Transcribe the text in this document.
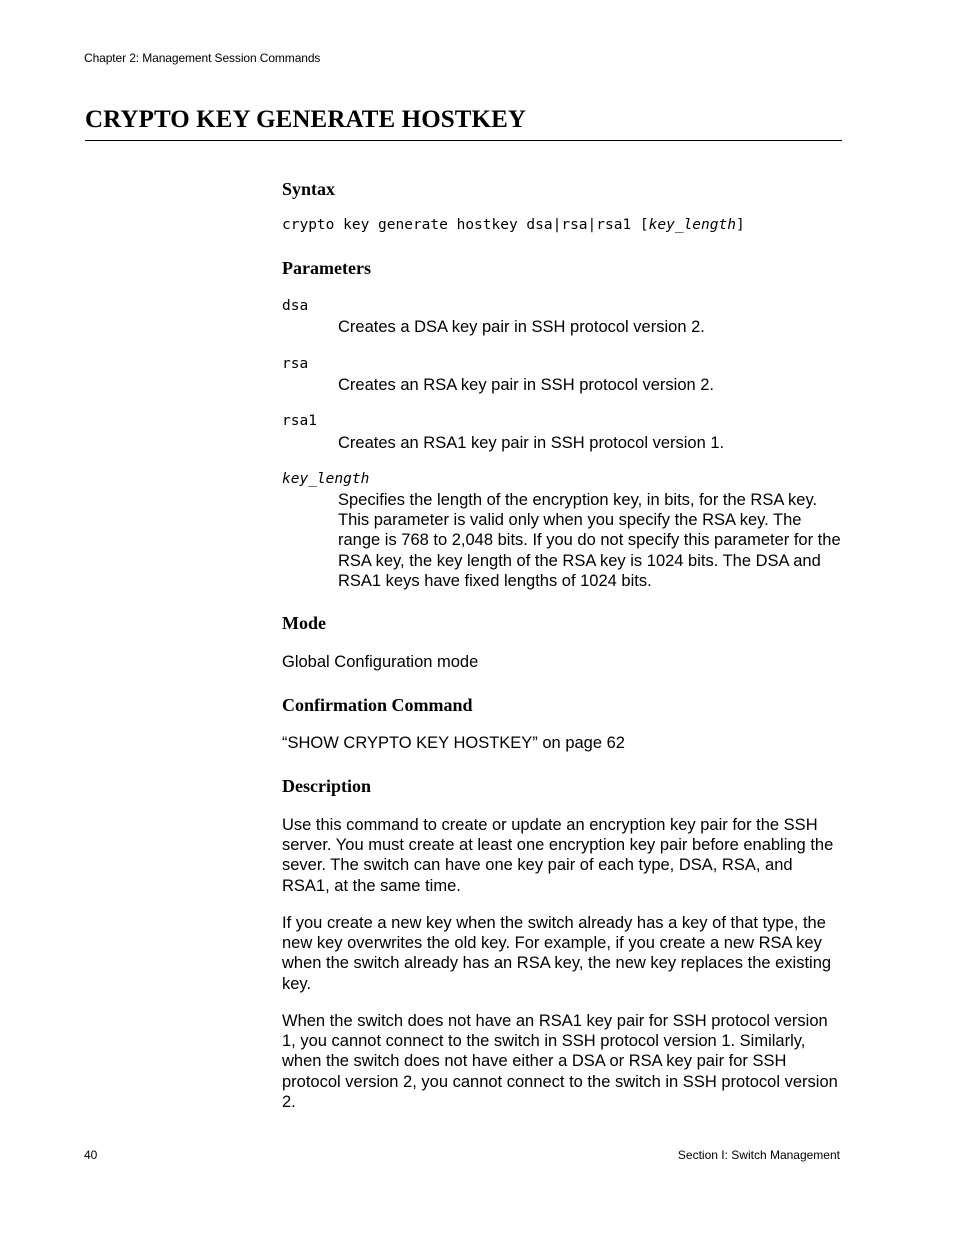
Chapter 2: Management Session Commands
CRYPTO KEY GENERATE HOSTKEY
Syntax
crypto key generate hostkey dsa|rsa|rsa1 [key_length]
Parameters
dsa
Creates a DSA key pair in SSH protocol version 2.
rsa
Creates an RSA key pair in SSH protocol version 2.
rsa1
Creates an RSA1 key pair in SSH protocol version 1.
key_length
Specifies the length of the encryption key, in bits, for the RSA key. This parameter is valid only when you specify the RSA key. The range is 768 to 2,048 bits. If you do not specify this parameter for the RSA key, the key length of the RSA key is 1024 bits. The DSA and RSA1 keys have fixed lengths of 1024 bits.
Mode
Global Configuration mode
Confirmation Command
“SHOW CRYPTO KEY HOSTKEY” on page 62
Description
Use this command to create or update an encryption key pair for the SSH server. You must create at least one encryption key pair before enabling the sever. The switch can have one key pair of each type, DSA, RSA, and RSA1, at the same time.
If you create a new key when the switch already has a key of that type, the new key overwrites the old key. For example, if you create a new RSA key when the switch already has an RSA key, the new key replaces the existing key.
When the switch does not have an RSA1 key pair for SSH protocol version 1, you cannot connect to the switch in SSH protocol version 1. Similarly, when the switch does not have either a DSA or RSA key pair for SSH protocol version 2, you cannot connect to the switch in SSH protocol version 2.
40	Section I: Switch Management
